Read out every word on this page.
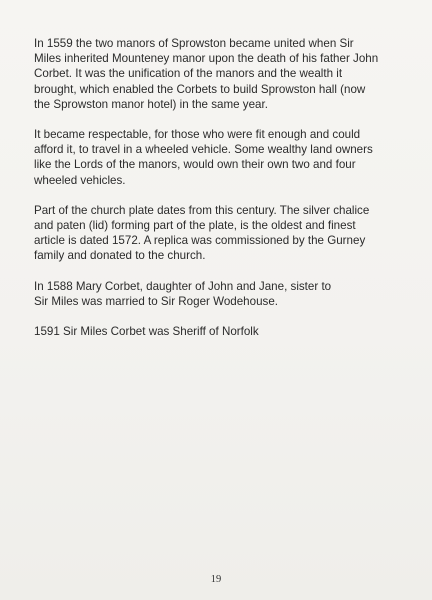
In 1559 the two manors of Sprowston became united when Sir
Miles inherited Mounteney manor upon the death of his father John
Corbet. It was the unification of the manors and the wealth it
brought, which enabled the Corbets to build Sprowston hall (now
the Sprowston manor hotel) in the same year.

It became respectable, for those who were fit enough and could
afford it, to travel in a wheeled vehicle. Some wealthy land owners
like the Lords of the manors, would own their own two and four
wheeled vehicles.

Part of the church plate dates from this century. The silver chalice
and paten (lid) forming part of the plate, is the oldest and finest
article is dated 1572. A replica was commissioned by the Gurney
family and donated to the church.

In 1588 Mary Corbet, daughter of John and Jane, sister to
Sir Miles was married to Sir Roger Wodehouse.

1591 Sir Miles Corbet was Sheriff of Norfolk

19
